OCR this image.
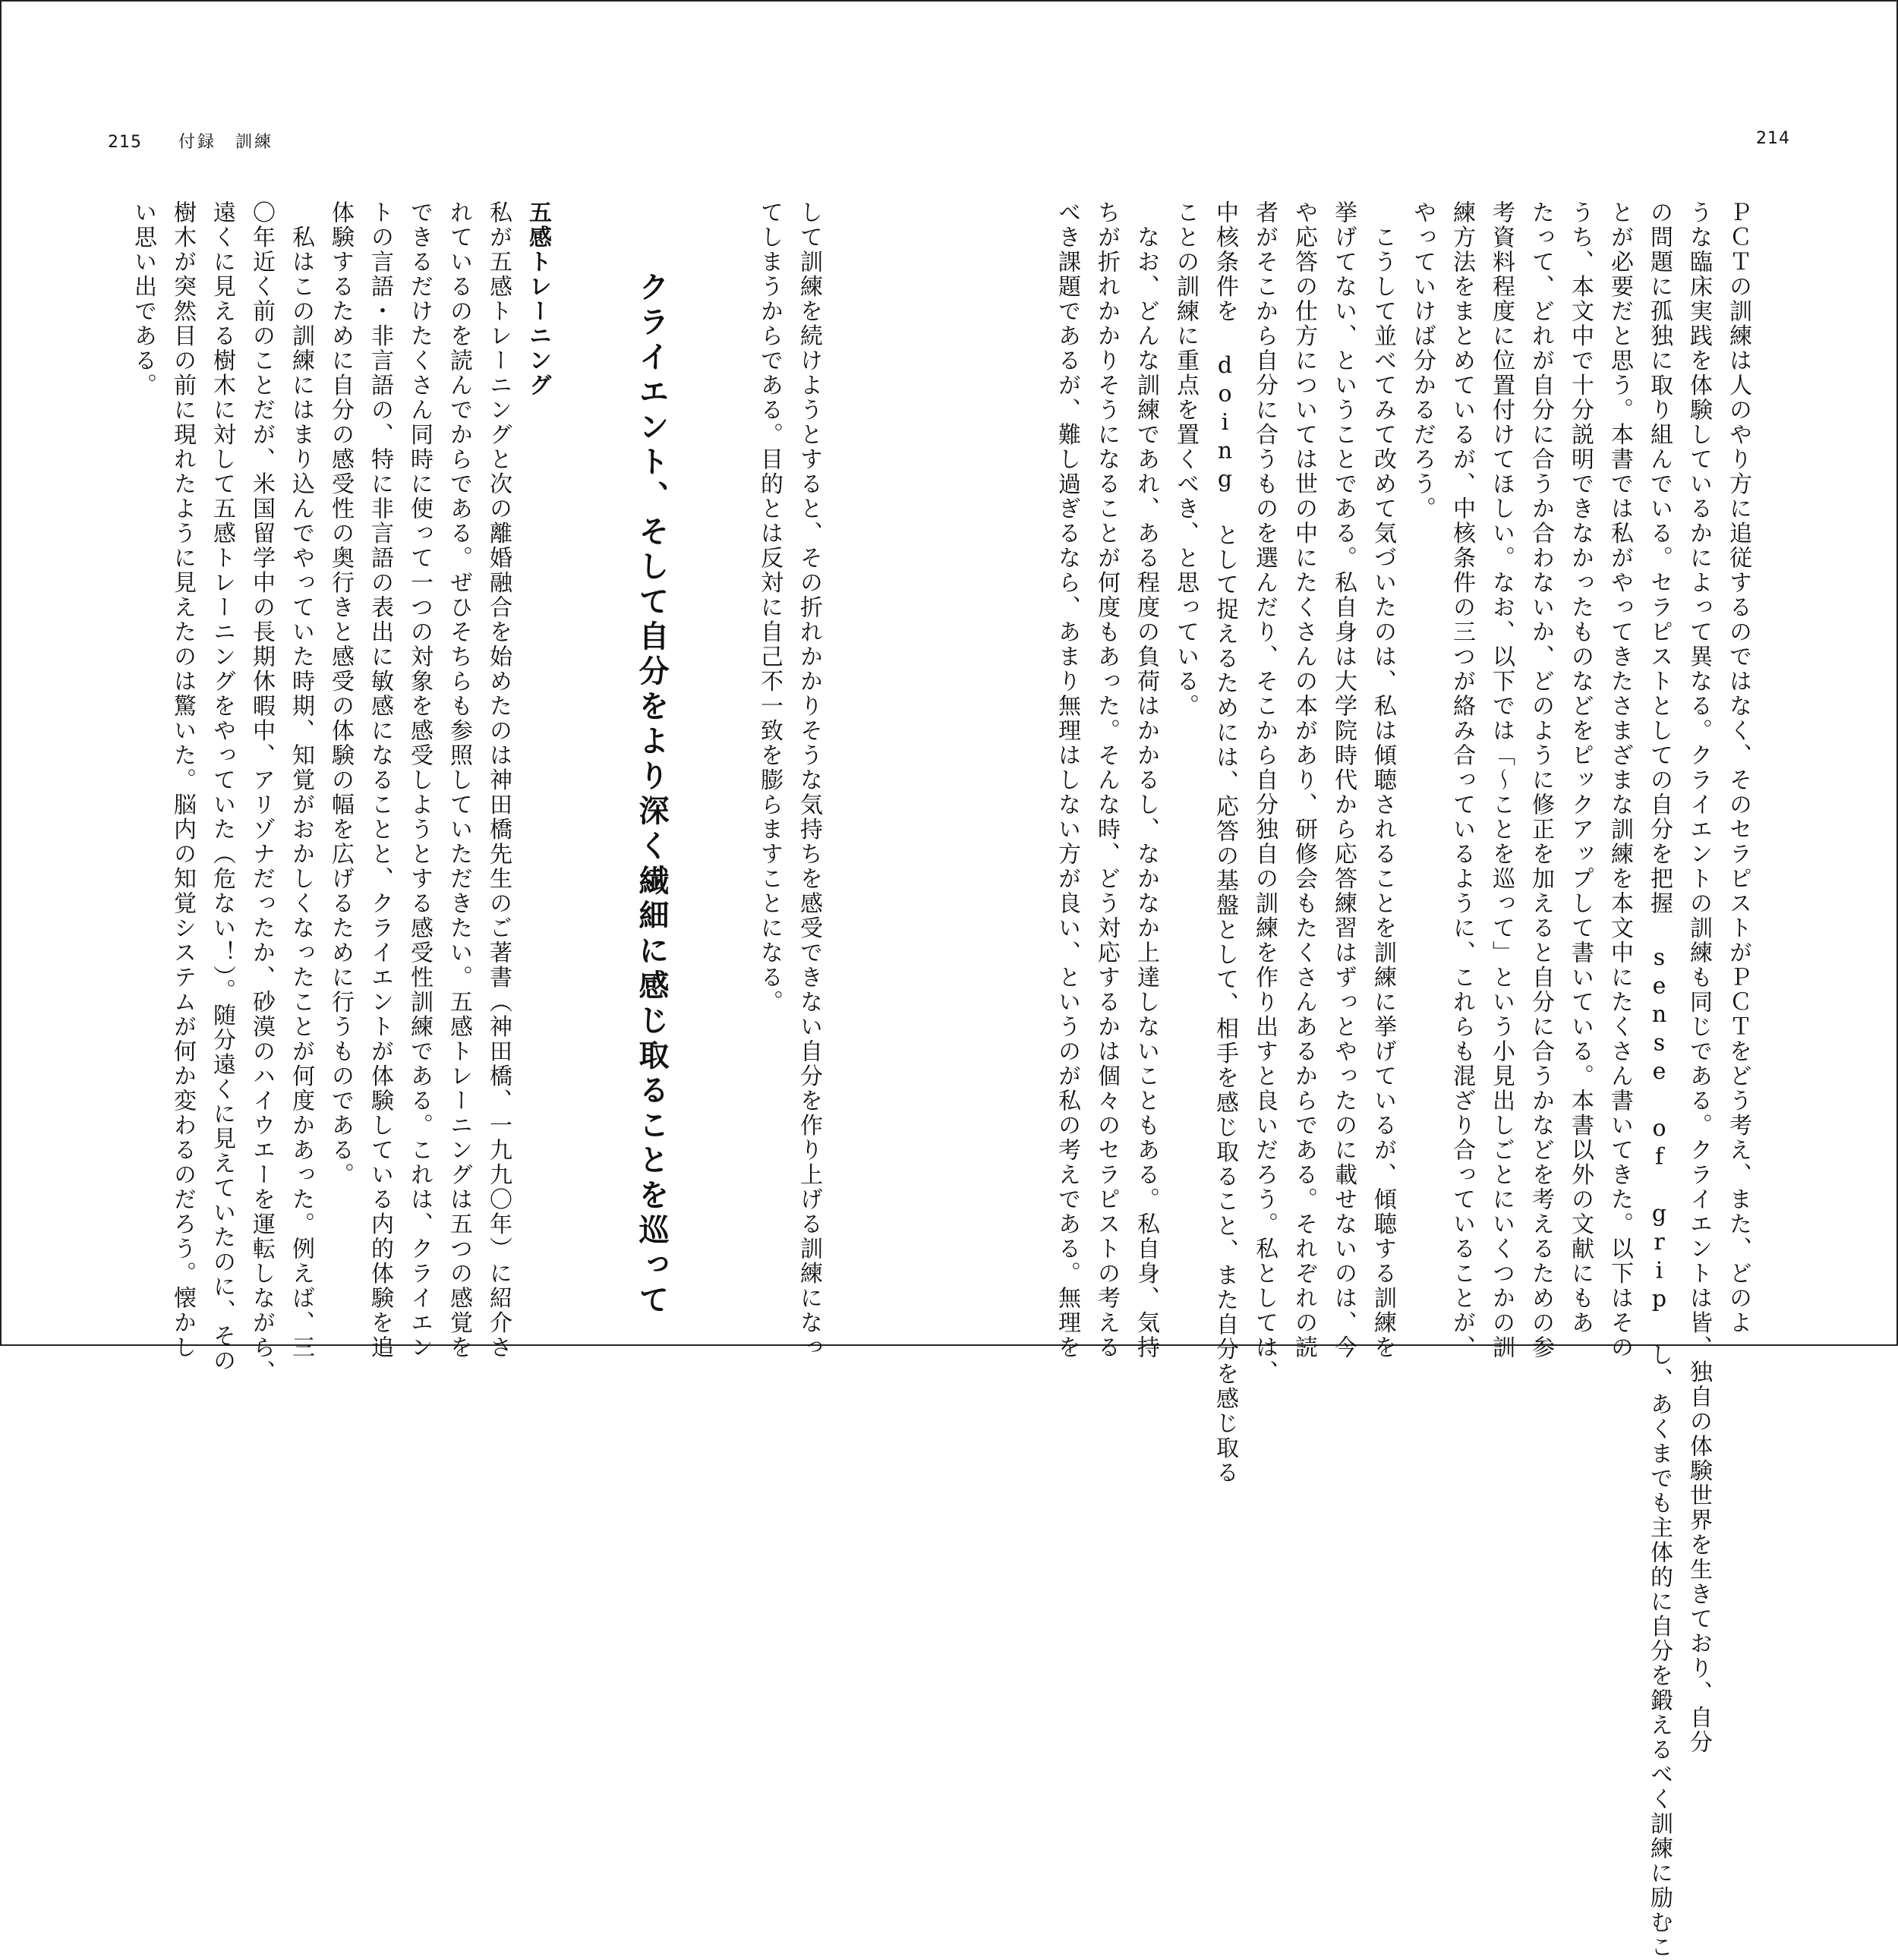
215 付録　訓練	214

ＰＣＴの訓練は人のやり方に追従するのではなく、そのセラピストがＰＣＴをどう考え、また、どのよ

うな臨床実践を体験しているかによって異なる。クライエントの訓練も同じである。クライエントは皆、独自の体験世界を生きており、自分

の問題に孤独に取り組んでいる。セラピストとしての自分を把握 sense of grip し、あくまでも主体的に自分を鍛えるべく訓練に励むこ

とが必要だと思う。本書では私がやってきたさまざまな訓練を本文中にたくさん書いてきた。以下はその

うち、本文中で十分説明できなかったものなどをピックアップして書いている。本書以外の文献にもあ

たって、どれが自分に合うか合わないか、どのように修正を加えると自分に合うかなどを考えるための参

考資料程度に位置付けてほしい。なお、以下では「～ことを巡って」という小見出しごとにいくつかの訓

練方法をまとめているが、中核条件の三つが絡み合っているように、これらも混ざり合っていることが、

やっていけば分かるだろう。

　こうして並べてみて改めて気づいたのは、私は傾聴されることを訓練に挙げているが、傾聴する訓練を

挙げてない、ということである。私自身は大学院時代から応答練習はずっとやったのに載せないのは、今

や応答の仕方については世の中にたくさんの本があり、研修会もたくさんあるからである。それぞれの読

者がそこから自分に合うものを選んだり、そこから自分独自の訓練を作り出すと良いだろう。私としては、

中核条件を doing として捉えるためには、応答の基盤として、相手を感じ取ること、また自分を感じ取る

ことの訓練に重点を置くべき、と思っている。

　なお、どんな訓練であれ、ある程度の負荷はかかるし、なかなか上達しないこともある。私自身、気持

ちが折れかかりそうになることが何度もあった。そんな時、どう対応するかは個々のセラピストの考える

べき課題であるが、難し過ぎるなら、あまり無理はしない方が良い、というのが私の考えである。無理を

して訓練を続けようとすると、その折れかかりそうな気持ちを感受できない自分を作り上げる訓練になっ

てしまうからである。目的とは反対に自己不一致を膨らますことになる。

クライエント、そして自分をより深く繊細に感じ取ることを巡って

五感トレーニング

私が五感トレーニングと次の離婚融合を始めたのは神田橋先生のご著書（神田橋、一九九〇年）に紹介さ

れているのを読んでからである。ぜひそちらも参照していただきたい。五感トレーニングは五つの感覚を

できるだけたくさん同時に使って一つの対象を感受しようとする感受性訓練である。これは、クライエン

トの言語・非言語の、特に非言語の表出に敏感になることと、クライエントが体験している内的体験を追

体験するために自分の感受性の奥行きと感受の体験の幅を広げるために行うものである。

　私はこの訓練にはまり込んでやっていた時期、知覚がおかしくなったことが何度かあった。例えば、三

〇年近く前のことだが、米国留学中の長期休暇中、アリゾナだったか、砂漠のハイウエーを運転しながら、

遠くに見える樹木に対して五感トレーニングをやっていた（危ない！）。随分遠くに見えていたのに、その

樹木が突然目の前に現れたように見えたのは驚いた。脳内の知覚システムが何か変わるのだろう。懐かし

い思い出である。
